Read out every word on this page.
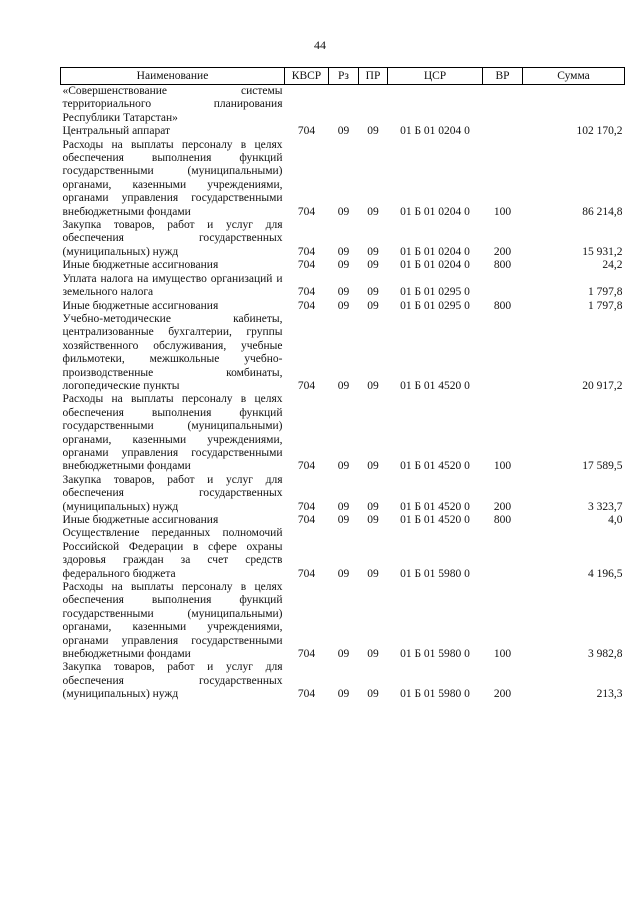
44
Наименование	КВСР	Рз	ПР	ЦСР	ВР	Сумма
«Совершенствование системы территориального планирования Республики Татарстан»						
Центральный аппарат	704	09	09	01 Б 01 0204 0		102 170,2
Расходы на выплаты персоналу в целях обеспечения выполнения функций государственными (муниципальными) органами, казенными учреждениями, органами управления государственными внебюджетными фондами	704	09	09	01 Б 01 0204 0	100	86 214,8
Закупка товаров, работ и услуг для обеспечения государственных (муниципальных) нужд	704	09	09	01 Б 01 0204 0	200	15 931,2
Иные бюджетные ассигнования	704	09	09	01 Б 01 0204 0	800	24,2
Уплата налога на имущество организаций и земельного налога	704	09	09	01 Б 01 0295 0		1 797,8
Иные бюджетные ассигнования	704	09	09	01 Б 01 0295 0	800	1 797,8
Учебно-методические кабинеты, централизованные бухгалтерии, группы хозяйственного обслуживания, учебные фильмотеки, межшкольные учебно-производственные комбинаты, логопедические пункты	704	09	09	01 Б 01 4520 0		20 917,2
Расходы на выплаты персоналу в целях обеспечения выполнения функций государственными (муниципальными) органами, казенными учреждениями, органами управления государственными внебюджетными фондами	704	09	09	01 Б 01 4520 0	100	17 589,5
Закупка товаров, работ и услуг для обеспечения государственных (муниципальных) нужд	704	09	09	01 Б 01 4520 0	200	3 323,7
Иные бюджетные ассигнования	704	09	09	01 Б 01 4520 0	800	4,0
Осуществление переданных полномочий Российской Федерации в сфере охраны здоровья граждан за счет средств федерального бюджета	704	09	09	01 Б 01 5980 0		4 196,5
Расходы на выплаты персоналу в целях обеспечения выполнения функций государственными (муниципальными) органами, казенными учреждениями, органами управления государственными внебюджетными фондами	704	09	09	01 Б 01 5980 0	100	3 982,8
Закупка товаров, работ и услуг для обеспечения государственных (муниципальных) нужд	704	09	09	01 Б 01 5980 0	200	213,3
